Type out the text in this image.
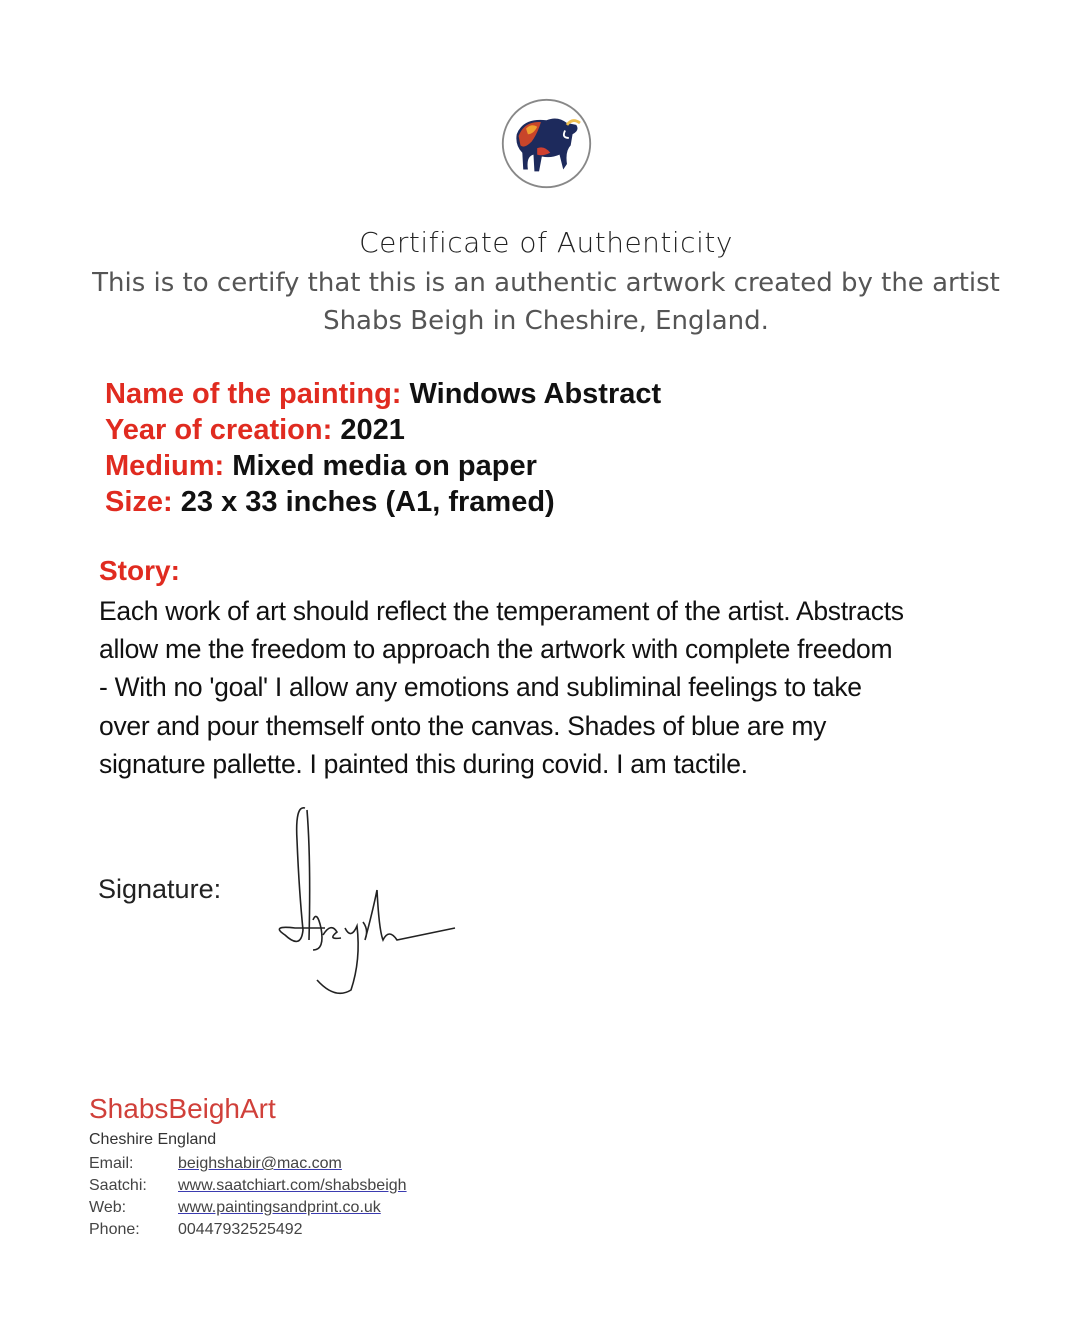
Certificate of Authenticity
This is to certify that this is an authentic artwork created by the artist
Shabs Beigh in Cheshire, England.
Name of the painting: Windows Abstract
Year of creation: 2021
Medium: Mixed media on paper
Size: 23 x 33 inches (A1, framed)
Story:
Each work of art should reflect the temperament of the artist. Abstracts
allow me the freedom to approach the artwork with complete freedom
- With no 'goal' I allow any emotions and subliminal feelings to take
over and pour themself onto the canvas. Shades of blue are my
signature pallette. I painted this during covid. I am tactile.
Signature:
ShabsBeighArt
Cheshire England
Email:	beighshabir@mac.com
Saatchi: www.saatchiart.com/shabsbeigh
Web:	www.paintingsandprint.co.uk
Phone: 00447932525492
